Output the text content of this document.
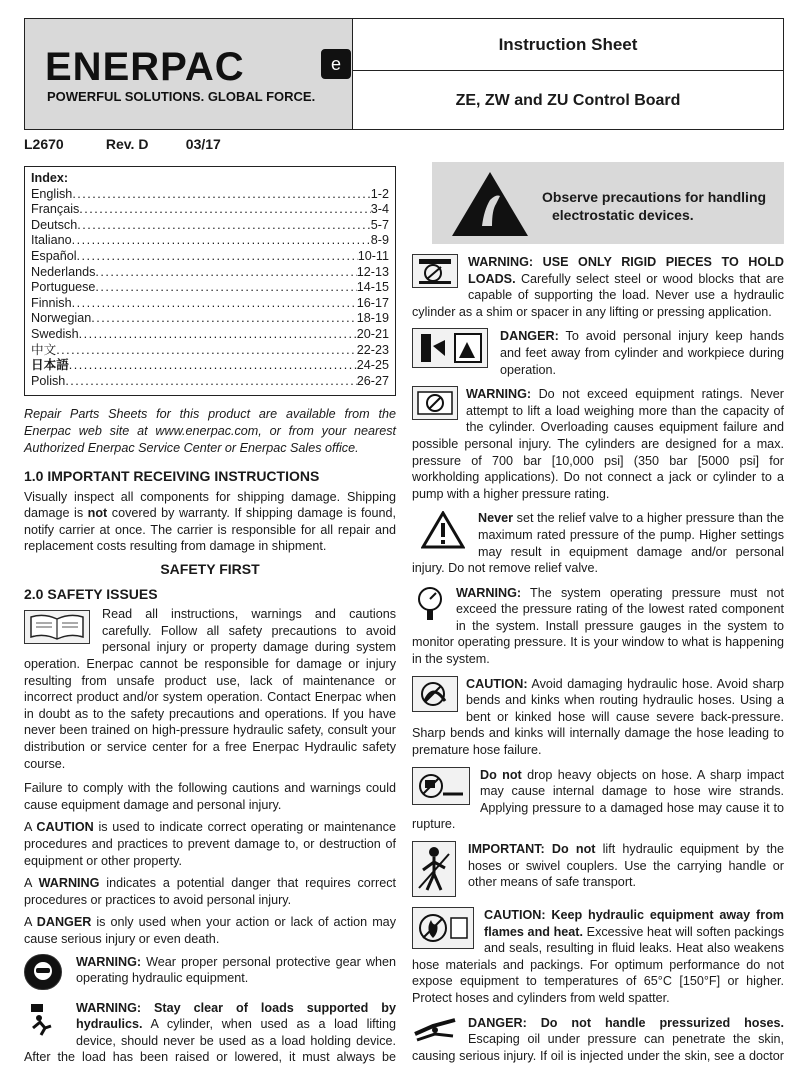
ENERPAC	e
POWERFUL SOLUTIONS. GLOBAL FORCE.
Instruction Sheet
ZE, ZW and ZU Control Board
L2670	Rev. D	03/17
Index:
English .....	1-2
Français .....	3-4
Deutsch .....	5-7
Italiano .....	8-9
Español .....	10-11
Nederlands .....	12-13
Portuguese .....	14-15
Finnish .....	16-17
Norwegian .....	18-19
Swedish .....	20-21
中文 .....	22-23
日本語 .....	24-25
Polish .....	26-27

Repair Parts Sheets for this product are available from the Enerpac web site at www.enerpac.com, or from your nearest Authorized Enerpac Service Center or Enerpac Sales office.

1.0 IMPORTANT RECEIVING INSTRUCTIONS

Visually inspect all components for shipping damage. Shipping damage is not covered by warranty. If shipping damage is found, notify carrier at once. The carrier is responsible for all repair and replacement costs resulting from damage in shipment.

SAFETY FIRST
2.0 SAFETY ISSUES

Read all instructions, warnings and cautions carefully. Follow all safety precautions to avoid personal injury or property damage during system operation. Enerpac cannot be responsible for damage or injury resulting from unsafe product use, lack of maintenance or incorrect product and/or system operation. Contact Enerpac when in doubt as to the safety precautions and operations. If you have never been trained on high-pressure hydraulic safety, consult your distribution or service center for a free Enerpac Hydraulic safety course.

Failure to comply with the following cautions and warnings could cause equipment damage and personal injury.

A CAUTION is used to indicate correct operating or maintenance procedures and practices to prevent damage to, or destruction of equipment or other property.

A WARNING indicates a potential danger that requires correct procedures or practices to avoid personal injury.

A DANGER is only used when your action or lack of action may cause serious injury or even death.

WARNING: Wear proper personal protective gear when operating hydraulic equipment.

WARNING: Stay clear of loads supported by hydraulics. A cylinder, when used as a load lifting device, should never be used as a load holding device. After the load has been raised or lowered, it must always be

Observe precautions for handling
electrostatic devices.

WARNING: USE ONLY RIGID PIECES TO HOLD LOADS. Carefully select steel or wood blocks that are capable of supporting the load. Never use a hydraulic cylinder as a shim or spacer in any lifting or pressing application.

DANGER: To avoid personal injury keep hands and feet away from cylinder and workpiece during operation.

WARNING: Do not exceed equipment ratings. Never attempt to lift a load weighing more than the capacity of the cylinder. Overloading causes equipment failure and possible personal injury. The cylinders are designed for a max. pressure of 700 bar [10,000 psi] (350 bar [5000 psi] for workholding applications). Do not connect a jack or cylinder to a pump with a higher pressure rating.

Never set the relief valve to a higher pressure than the maximum rated pressure of the pump. Higher settings may result in equipment damage and/or personal injury. Do not remove relief valve.

WARNING: The system operating pressure must not exceed the pressure rating of the lowest rated component in the system. Install pressure gauges in the system to monitor operating pressure. It is your window to what is happening in the system.

CAUTION: Avoid damaging hydraulic hose. Avoid sharp bends and kinks when routing hydraulic hoses. Using a bent or kinked hose will cause severe back-pressure. Sharp bends and kinks will internally damage the hose leading to premature hose failure.

Do not drop heavy objects on hose. A sharp impact may cause internal damage to hose wire strands. Applying pressure to a damaged hose may cause it to rupture.

IMPORTANT: Do not lift hydraulic equipment by the hoses or swivel couplers. Use the carrying handle or other means of safe transport.

CAUTION: Keep hydraulic equipment away from flames and heat. Excessive heat will soften packings and seals, resulting in fluid leaks. Heat also weakens hose materials and packings. For optimum performance do not expose equipment to temperatures of 65°C [150°F] or higher. Protect hoses and cylinders from weld spatter.

DANGER: Do not handle pressurized hoses. Escaping oil under pressure can penetrate the skin, causing serious injury. If oil is injected under the skin, see a doctor
